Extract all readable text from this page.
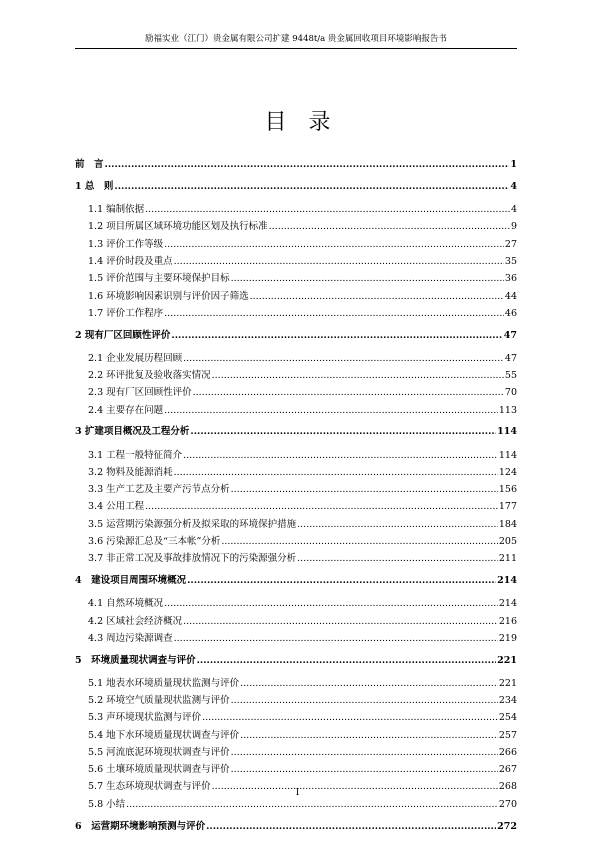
励福实业（江门）贵金属有限公司扩建 9448t/a 贵金属回收项目环境影响报告书
目录
前　言 .....	1
1 总　则 .....	4
1.1 编制依据 .....	4
1.2 项目所属区域环境功能区划及执行标准 .....	9
1.3 评价工作等级 .....	27
1.4 评价时段及重点 .....	35
1.5 评价范围与主要环境保护目标 .....	36
1.6 环境影响因素识别与评价因子筛选 .....	44
1.7 评价工作程序 .....	46
2 现有厂区回顾性评价 .....	47
2.1 企业发展历程回顾 .....	47
2.2 环评批复及验收落实情况 .....	55
2.3 现有厂区回顾性评价 .....	70
2.4 主要存在问题 .....	113
3 扩建项目概况及工程分析 .....	114
3.1 工程一般特征简介 .....	114
3.2 物料及能源消耗 .....	124
3.3 生产工艺及主要产污节点分析 .....	156
3.4 公用工程 .....	177
3.5 运营期污染源强分析及拟采取的环境保护措施 .....	184
3.6 污染源汇总及“三本帐”分析 .....	205
3.7 非正常工况及事故排放情况下的污染源强分析 .....	211
4　建设项目周围环境概况 .....	214
4.1 自然环境概况 .....	214
4.2 区域社会经济概况 .....	216
4.3 周边污染源调查 .....	219
5　环境质量现状调查与评价 .....	221
5.1 地表水环境质量现状监测与评价 .....	221
5.2 环境空气质量现状监测与评价 .....	234
5.3 声环境现状监测与评价 .....	254
5.4 地下水环境质量现状调查与评价 .....	257
5.5 河流底泥环境现状调查与评价 .....	266
5.6 土壤环境质量现状调查与评价 .....	267
5.7 生态环境现状调查与评价 .....	268
5.8 小结 .....	270
6　运营期环境影响预测与评价 .....	272
I
